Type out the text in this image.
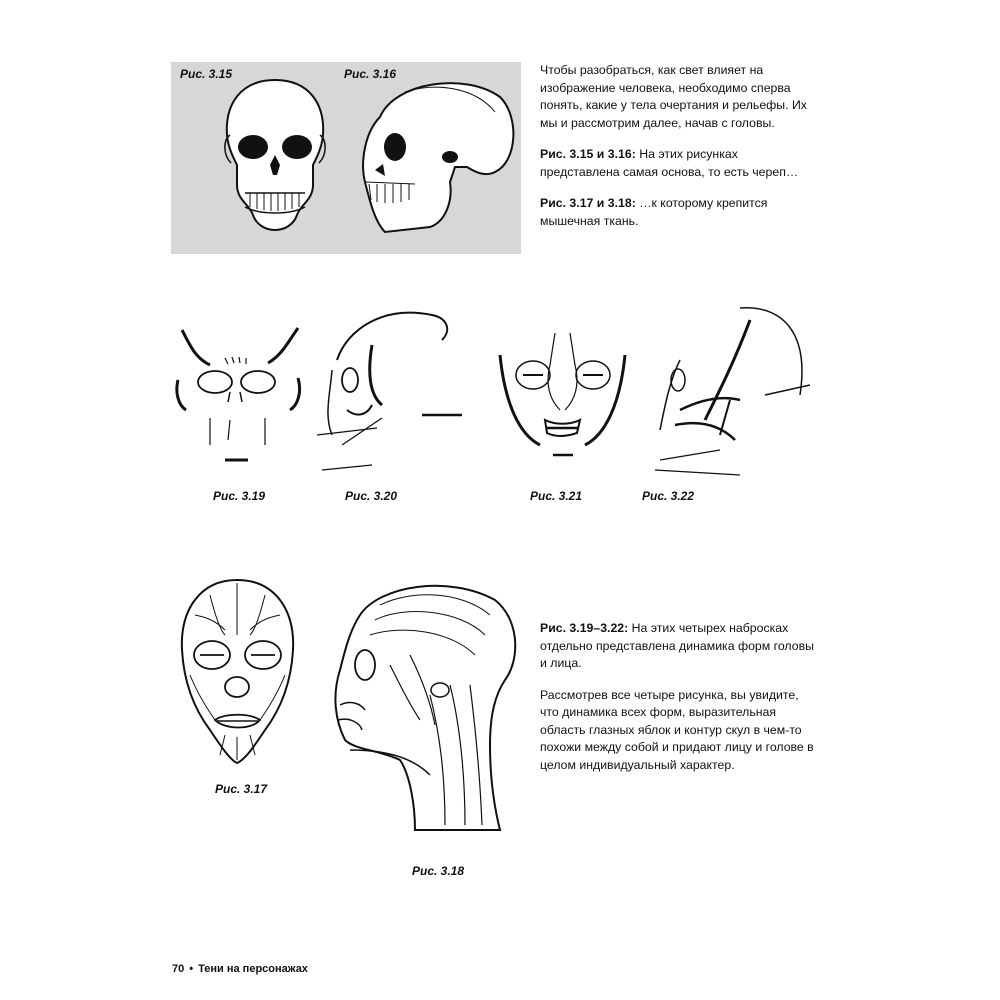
Рис. 3.15	Рис. 3.16	Чтобы разобраться, как свет влияет на изображение человека, необходимо сперва понять, какие у тела очертания и рельефы. Их мы и рассмотрим далее, начав с головы.

Рис. 3.15 и 3.16: На этих рисунках представлена самая основа, то есть череп…

Рис. 3.17 и 3.18: …к которому крепится мышечная ткань.

Рис. 3.19	Рис. 3.20	Рис. 3.21	Рис. 3.22
Рис. 3.17
Рис. 3.18

Рис. 3.19–3.22: На этих четырех набросках отдельно представлена динамика форм головы и лица.

Рассмотрев все четыре рисунка, вы увидите, что динамика всех форм, выразительная область глазных яблок и контур скул в чем-то похожи между собой и придают лицу и голове в целом индивидуальный характер.

70 • Тени на персонажах
